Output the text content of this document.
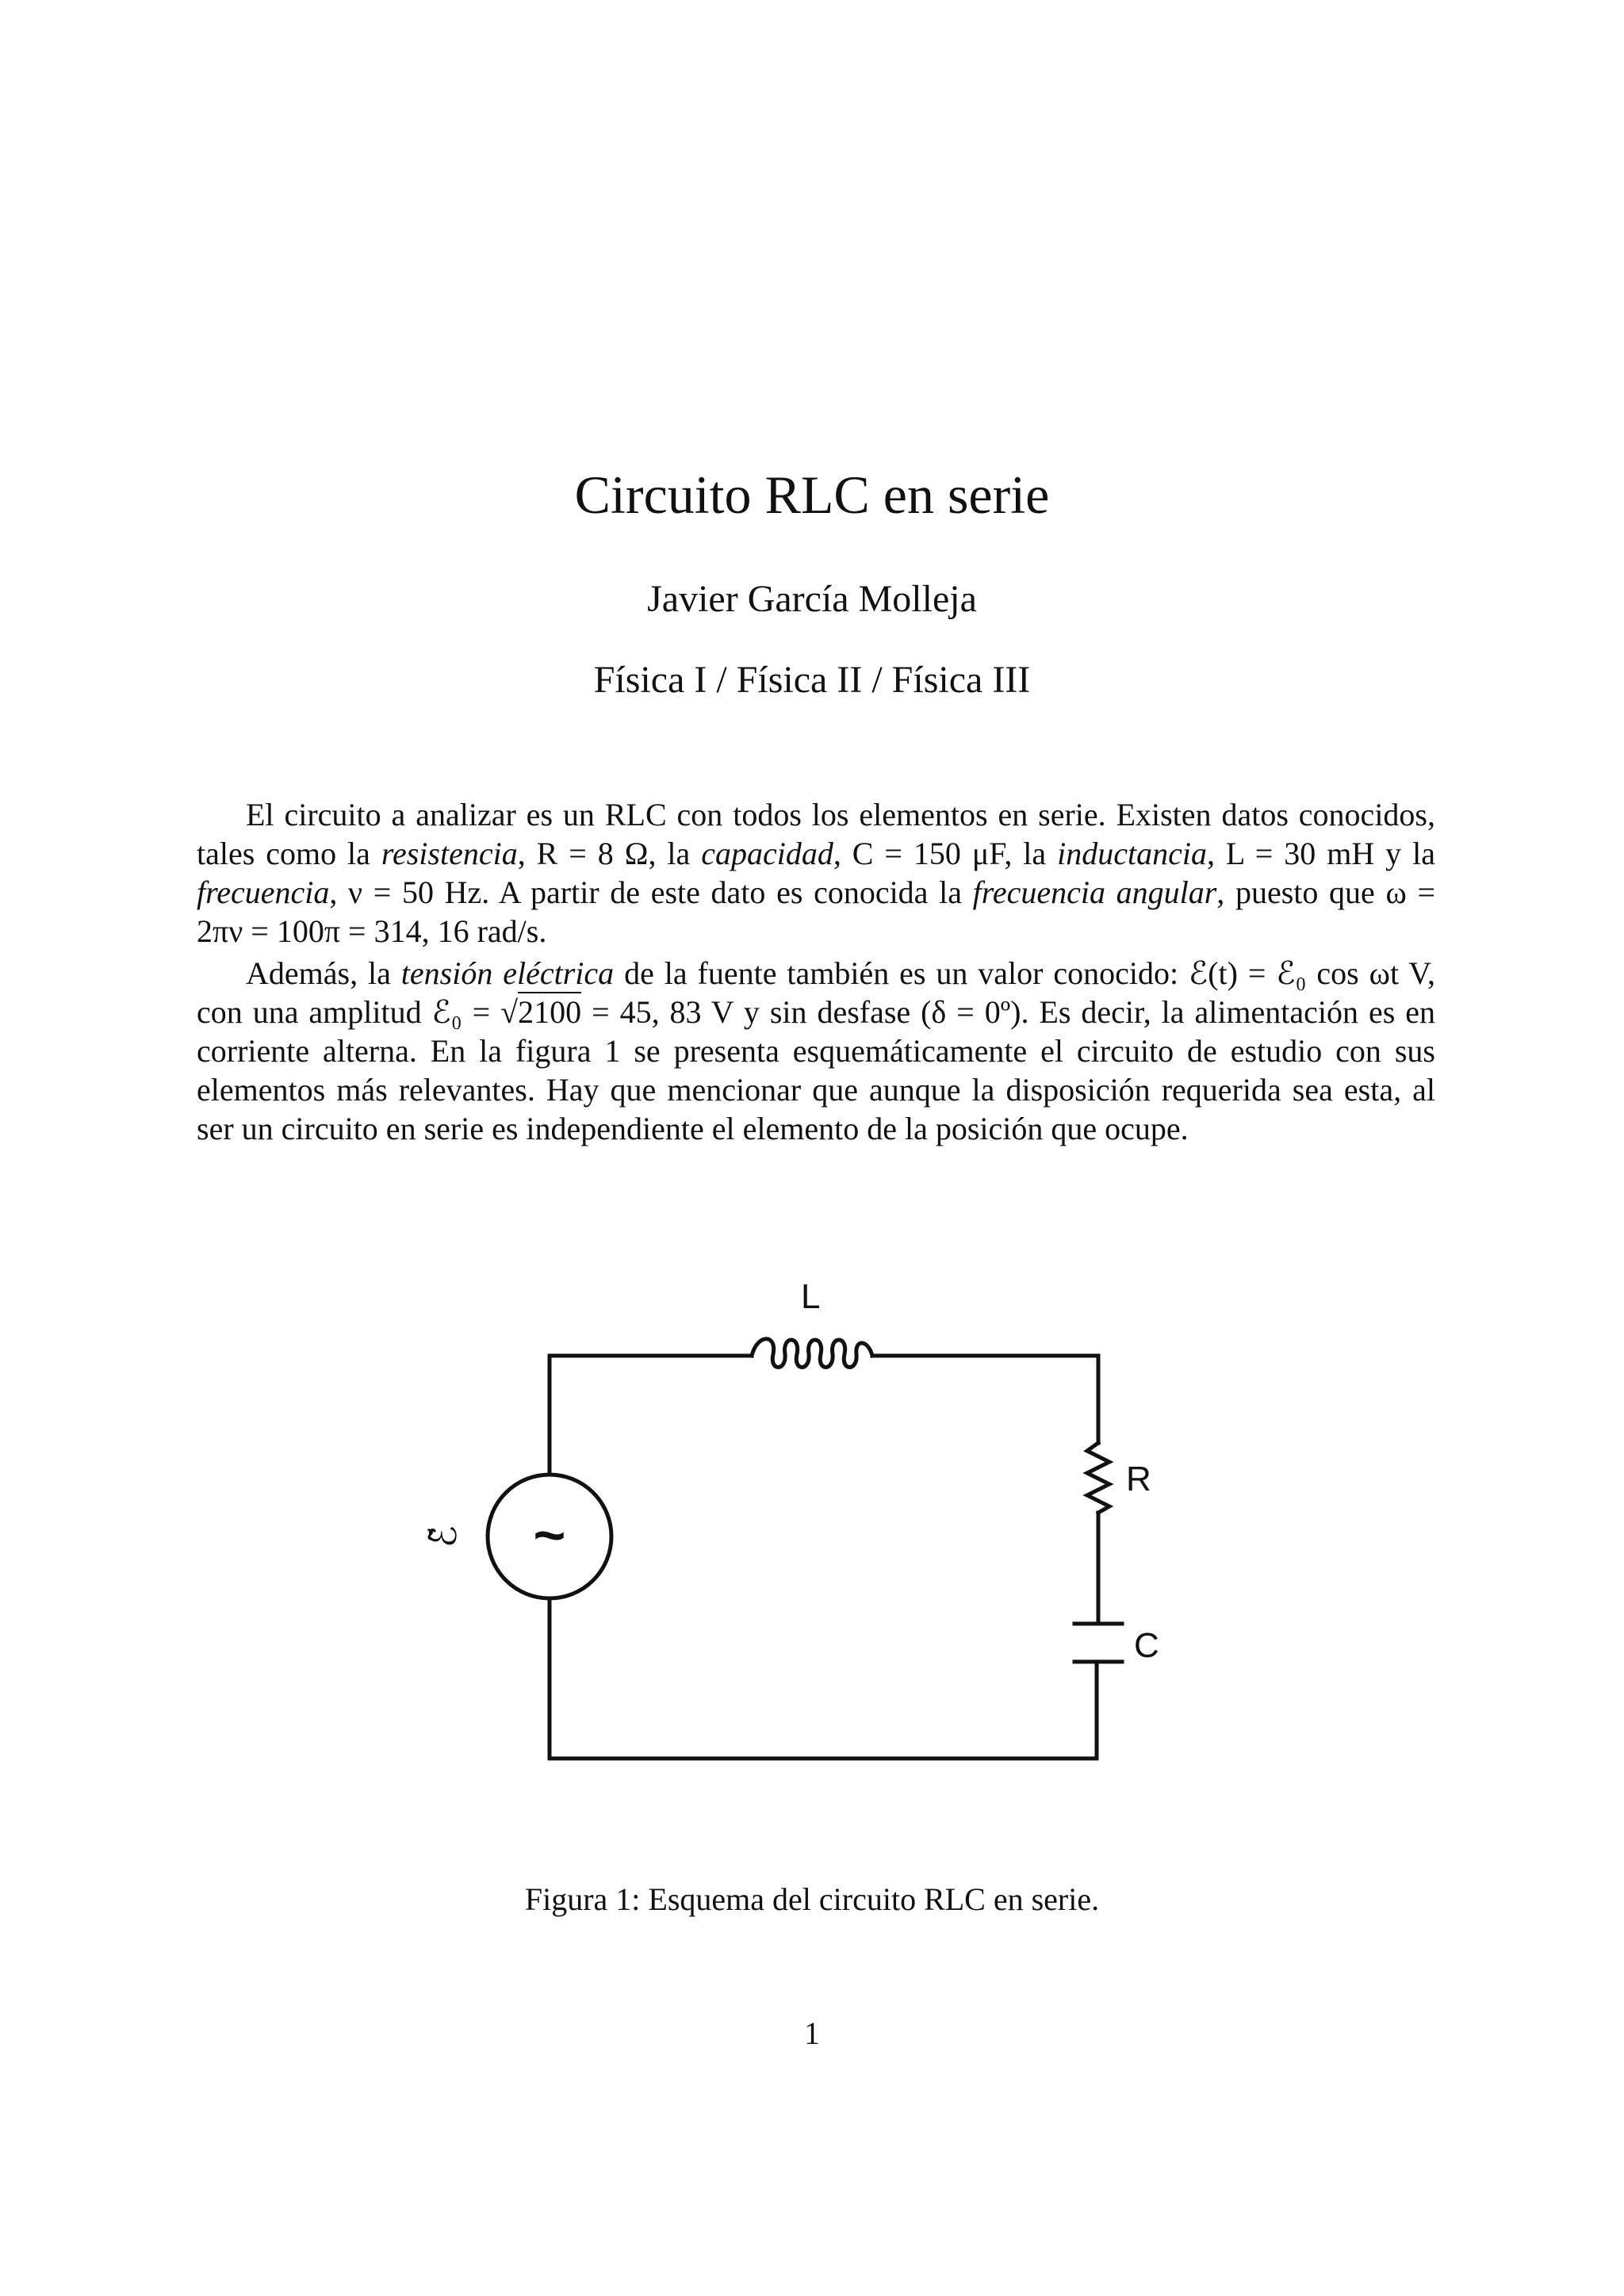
Circuito RLC en serie
Javier García Molleja
Física I / Física II / Física III

El circuito a analizar es un RLC con todos los elementos en serie. Existen datos conocidos, tales como la resistencia, R = 8 Ω, la capacidad, C = 150 μF, la inductancia, L = 30 mH y la frecuencia, ν = 50 Hz. A partir de este dato es conocida la frecuencia angular, puesto que ω = 2πν = 100π = 314, 16 rad/s.

Además, la tensión eléctrica de la fuente también es un valor conocido: ℰ(t) = ℰ₀ cos ωt V, con una amplitud ℰ₀ = √2100 = 45, 83 V y sin desfase (δ = 0º). Es decir, la alimentación es en corriente alterna. En la figura 1 se presenta esquemáticamente el circuito de estudio con sus elementos más relevantes. Hay que mencionar que aunque la disposición requerida sea esta, al ser un circuito en serie es independiente el elemento de la posición que ocupe.

L
R
C
~
ℰ̃
Figura 1: Esquema del circuito RLC en serie.
1
